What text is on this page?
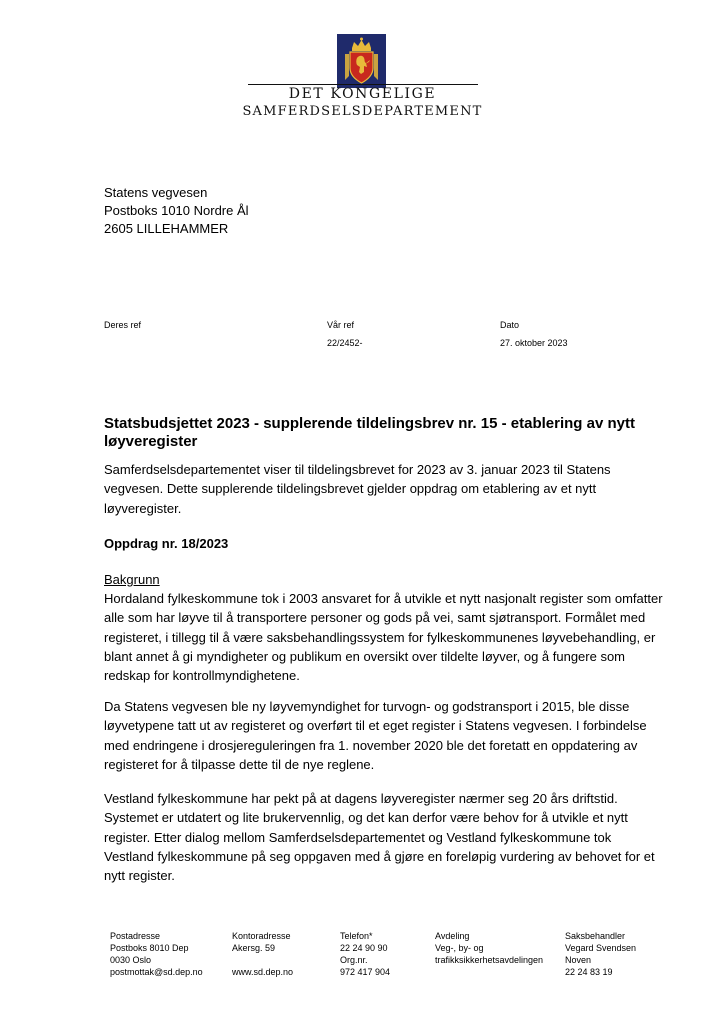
DET KONGELIGE
SAMFERDSELSDEPARTEMENT
Statens vegvesen
Postboks 1010 Nordre Ål
2605 LILLEHAMMER
Deres ref	Vår ref
22/2452-
Dato
27. oktober 2023
Statsbudsjettet 2023 - supplerende tildelingsbrev nr. 15 - etablering av nytt løyveregister
Samferdselsdepartementet viser til tildelingsbrevet for 2023 av 3. januar 2023 til Statens vegvesen. Dette supplerende tildelingsbrevet gjelder oppdrag om etablering av et nytt løyveregister.
Oppdrag nr. 18/2023
Bakgrunn
Hordaland fylkeskommune tok i 2003 ansvaret for å utvikle et nytt nasjonalt register som omfatter alle som har løyve til å transportere personer og gods på vei, samt sjøtransport. Formålet med registeret, i tillegg til å være saksbehandlingssystem for fylkeskommunenes løyvebehandling, er blant annet å gi myndigheter og publikum en oversikt over tildelte løyver, og å fungere som redskap for kontrollmyndighetene.
Da Statens vegvesen ble ny løyvemyndighet for turvogn- og godstransport i 2015, ble disse løyvetypene tatt ut av registeret og overført til et eget register i Statens vegvesen. I forbindelse med endringene i drosjereguleringen fra 1. november 2020 ble det foretatt en oppdatering av registeret for å tilpasse dette til de nye reglene.
Vestland fylkeskommune har pekt på at dagens løyveregister nærmer seg 20 års driftstid. Systemet er utdatert og lite brukervennlig, og det kan derfor være behov for å utvikle et nytt register. Etter dialog mellom Samferdselsdepartementet og Vestland fylkeskommune tok Vestland fylkeskommune på seg oppgaven med å gjøre en foreløpig vurdering av behovet for et nytt register.
Postadresse
Postboks 8010 Dep
0030 Oslo
postmottak@sd.dep.no
Kontoradresse
Akersg. 59

www.sd.dep.no
Telefon*
22 24 90 90
Org.nr.
972 417 904
Avdeling
Veg-, by- og
trafikksikkerhetsavdelingen

Saksbehandler
Vegard Svendsen
Noven
22 24 83 19
